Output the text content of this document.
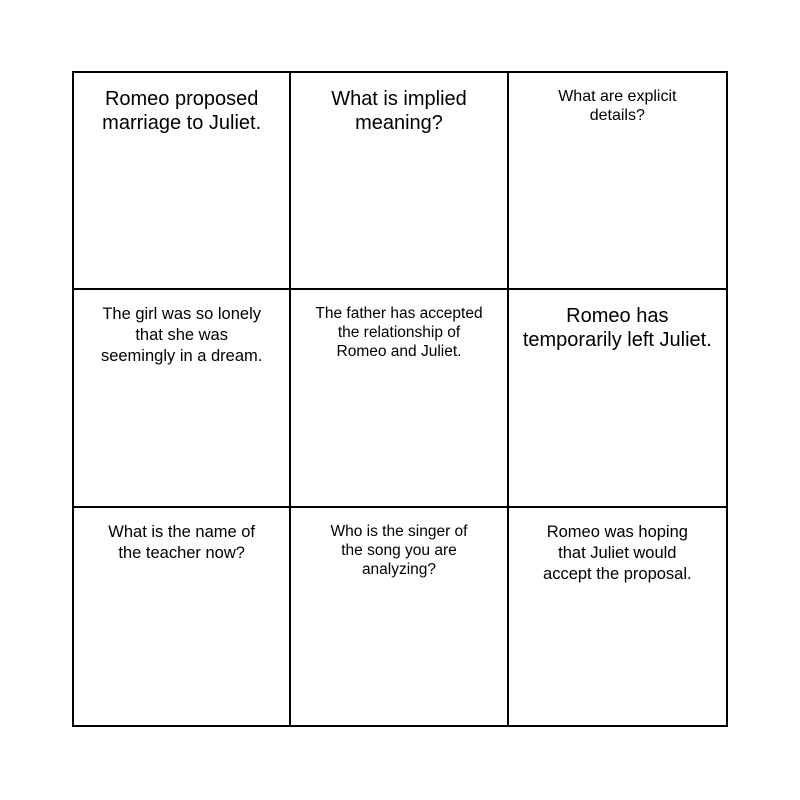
Romeo proposed
marriage to Juliet.
What is implied
meaning?
What are explicit
details?
The girl was so lonely
that she was
seemingly in a dream.
The father has accepted
the relationship of
Romeo and Juliet.
Romeo has
temporarily left Juliet.
What is the name of
the teacher now?
Who is the singer of
the song you are
analyzing?
Romeo was hoping
that Juliet would
accept the proposal.
